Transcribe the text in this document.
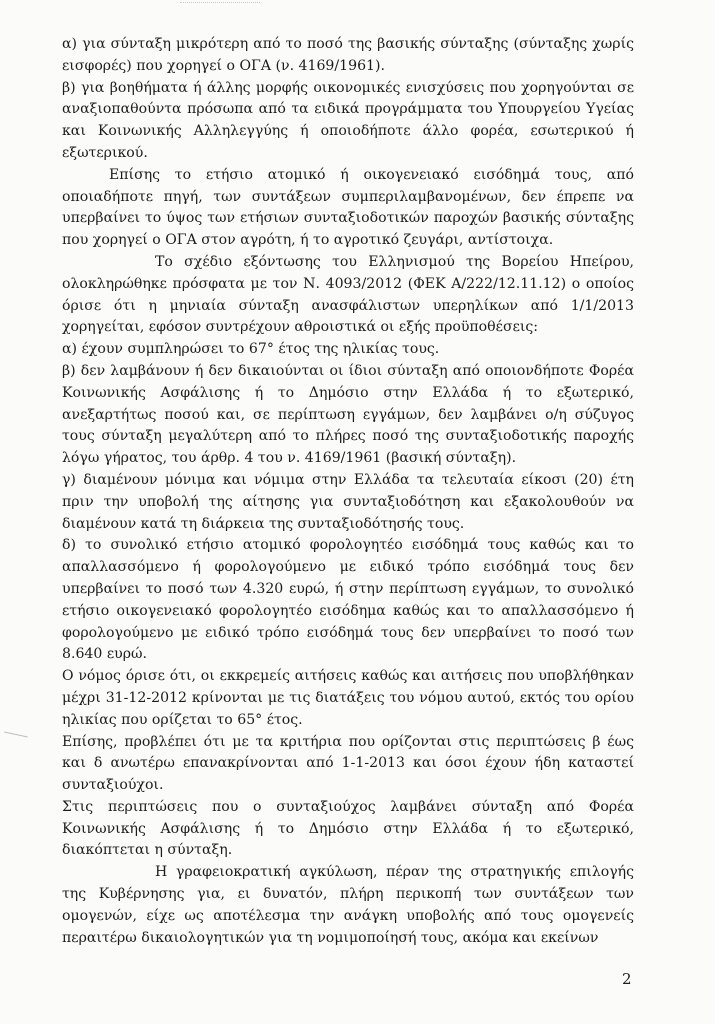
α) για σύνταξη μικρότερη από το ποσό της βασικής σύνταξης (σύνταξης χωρίς εισφορές) που χορηγεί ο ΟΓΑ (ν. 4169/1961).

β) για βοηθήματα ή άλλης μορφής οικονομικές ενισχύσεις που χορηγούνται σε αναξιοπαθούντα πρόσωπα από τα ειδικά προγράμματα του Υπουργείου Υγείας και Κοινωνικής Αλληλεγγύης ή οποιοδήποτε άλλο φορέα, εσωτερικού ή εξωτερικού.

Επίσης το ετήσιο ατομικό ή οικογενειακό εισόδημά τους, από οποιαδήποτε πηγή, των συντάξεων συμπεριλαμβανομένων, δεν έπρεπε να υπερβαίνει το ύψος των ετήσιων συνταξιοδοτικών παροχών βασικής σύνταξης που χορηγεί ο ΟΓΑ στον αγρότη, ή το αγροτικό ζευγάρι, αντίστοιχα.

Το σχέδιο εξόντωσης του Ελληνισμού της Βορείου Ηπείρου, ολοκληρώθηκε πρόσφατα με τον Ν. 4093/2012 (ΦΕΚ Α/222/12.11.12) ο οποίος όρισε ότι η μηνιαία σύνταξη ανασφάλιστων υπερηλίκων από 1/1/2013 χορηγείται, εφόσον συντρέχουν αθροιστικά οι εξής προϋποθέσεις:

α) έχουν συμπληρώσει το 67° έτος της ηλικίας τους.

β) δεν λαμβάνουν ή δεν δικαιούνται οι ίδιοι σύνταξη από οποιονδήποτε Φορέα Κοινωνικής Ασφάλισης ή το Δημόσιο στην Ελλάδα ή το εξωτερικό, ανεξαρτήτως ποσού και, σε περίπτωση εγγάμων, δεν λαμβάνει ο/η σύζυγος τους σύνταξη μεγαλύτερη από το πλήρες ποσό της συνταξιοδοτικής παροχής λόγω γήρατος, του άρθρ. 4 του ν. 4169/1961 (βασική σύνταξη).

γ) διαμένουν μόνιμα και νόμιμα στην Ελλάδα τα τελευταία είκοσι (20) έτη πριν την υποβολή της αίτησης για συνταξιοδότηση και εξακολουθούν να διαμένουν κατά τη διάρκεια της συνταξιοδότησής τους.

δ) το συνολικό ετήσιο ατομικό φορολογητέο εισόδημά τους καθώς και το απαλλασσόμενο ή φορολογούμενο με ειδικό τρόπο εισόδημά τους δεν υπερβαίνει το ποσό των 4.320 ευρώ, ή στην περίπτωση εγγάμων, το συνολικό ετήσιο οικογενειακό φορολογητέο εισόδημα καθώς και το απαλλασσόμενο ή φορολογούμενο με ειδικό τρόπο εισόδημά τους δεν υπερβαίνει το ποσό των 8.640 ευρώ.

Ο νόμος όρισε ότι, οι εκκρεμείς αιτήσεις καθώς και αιτήσεις που υποβλήθηκαν μέχρι 31-12-2012 κρίνονται με τις διατάξεις του νόμου αυτού, εκτός του ορίου ηλικίας που ορίζεται το 65° έτος.

Επίσης, προβλέπει ότι με τα κριτήρια που ορίζονται στις περιπτώσεις β έως και δ ανωτέρω επανακρίνονται από 1-1-2013 και όσοι έχουν ήδη καταστεί συνταξιούχοι.

Στις περιπτώσεις που ο συνταξιούχος λαμβάνει σύνταξη από Φορέα Κοινωνικής Ασφάλισης ή το Δημόσιο στην Ελλάδα ή το εξωτερικό, διακόπτεται η σύνταξη.

Η γραφειοκρατική αγκύλωση, πέραν της στρατηγικής επιλογής της Κυβέρνησης για, ει δυνατόν, πλήρη περικοπή των συντάξεων των ομογενών, είχε ως αποτέλεσμα την ανάγκη υποβολής από τους ομογενείς περαιτέρω δικαιολογητικών για τη νομιμοποίησή τους, ακόμα και εκείνων

2
